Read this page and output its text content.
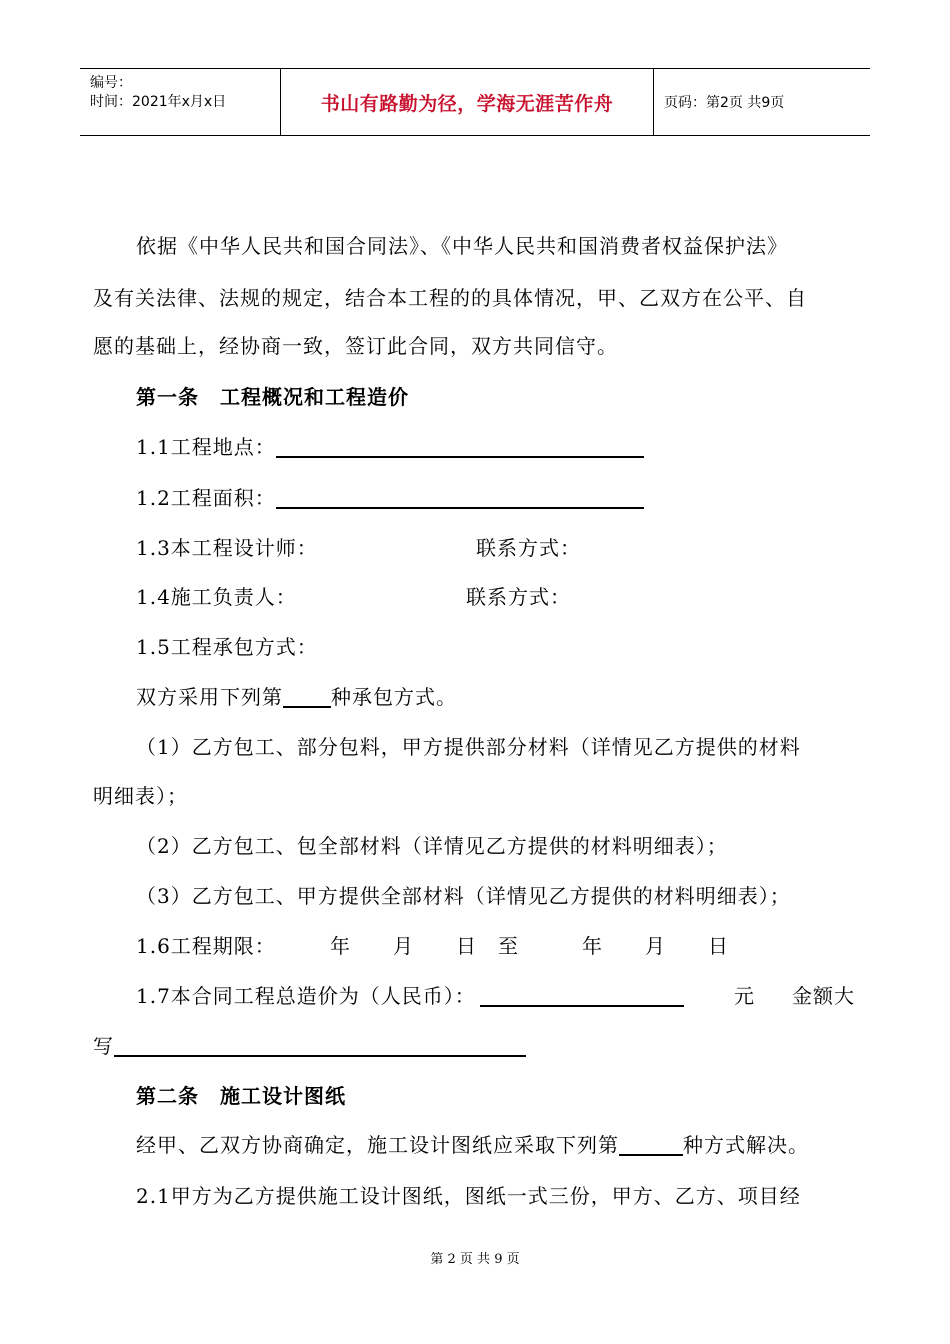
编号：
时间：2021年x月x日	书山有路勤为径，学海无涯苦作舟	页码：第2页 共9页
依据《中华人民共和国合同法》、《中华人民共和国消费者权益保护法》
及有关法律、法规的规定，结合本工程的的具体情况，甲、乙双方在公平、自
愿的基础上，经协商一致，签订此合同，双方共同信守。
第一条　工程概况和工程造价
1.1工程地点：
1.2工程面积：
1.3本工程设计师：	联系方式：
1.4施工负责人：	联系方式：
1.5工程承包方式：
双方采用下列第 种承包方式。
（1）乙方包工、部分包料，甲方提供部分材料（详情见乙方提供的材料
明细表）；
（2）乙方包工、包全部材料（详情见乙方提供的材料明细表）；
（3）乙方包工、甲方提供全部材料（详情见乙方提供的材料明细表）；
1.6工程期限：	年　　月　　日　至　　　年　　月　　日
1.7本合同工程总造价为（人民币）：	元 金额大
写
第二条　施工设计图纸
经甲、乙双方协商确定，施工设计图纸应采取下列第	种方式解决。
2.1甲方为乙方提供施工设计图纸，图纸一式三份，甲方、乙方、项目经
第 2 页 共 9 页
